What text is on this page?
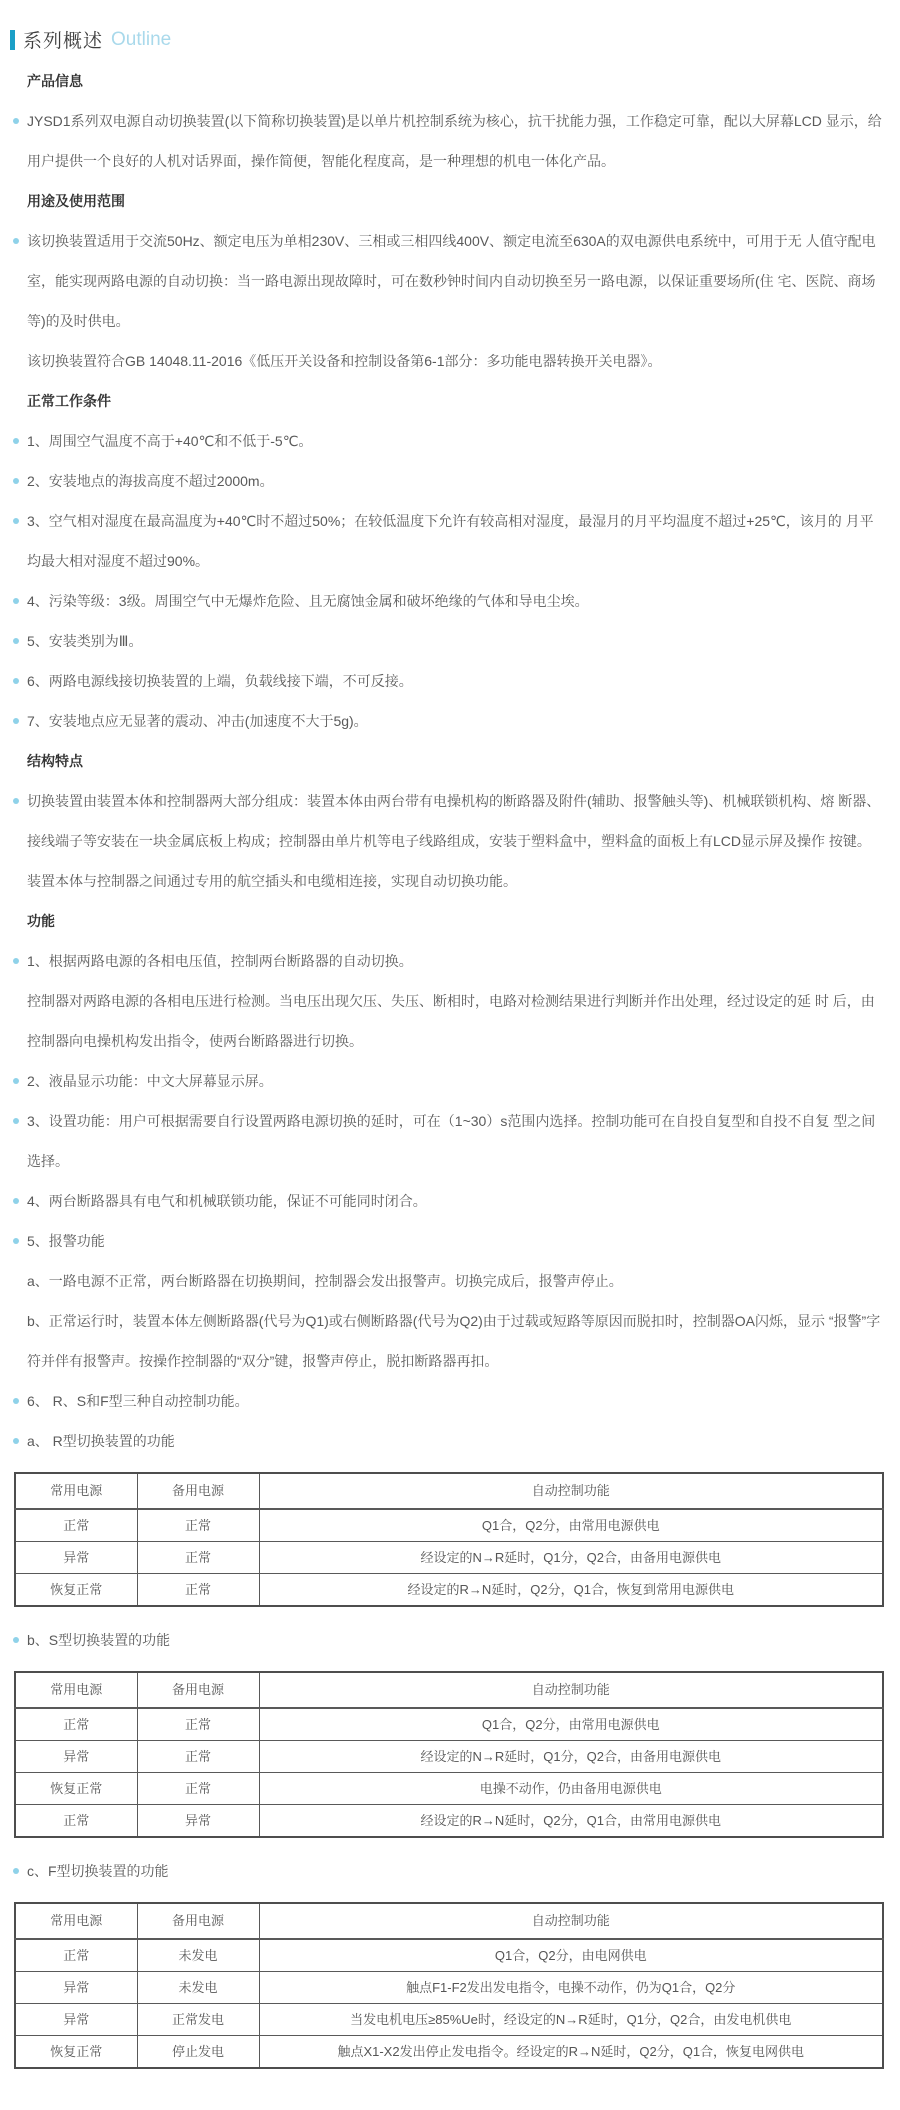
系列概述 Outline
产品信息
JYSD1系列双电源自动切换装置(以下简称切换装置)是以单片机控制系统为核心，抗干扰能力强，工作稳定可靠，配以大屏幕LCD 显示，给用户提供一个良好的人机对话界面，操作简便，智能化程度高，是一种理想的机电一体化产品。
用途及使用范围
该切换装置适用于交流50Hz、额定电压为单相230V、三相或三相四线400V、额定电流至630A的双电源供电系统中，可用于无 人值守配电室，能实现两路电源的自动切换：当一路电源出现故障时，可在数秒钟时间内自动切换至另一路电源，以保证重要场所(住 宅、医院、商场等)的及时供电。
该切换装置符合GB 14048.11-2016《低压开关设备和控制设备第6-1部分：多功能电器转换开关电器》。
正常工作条件
1、周围空气温度不高于+40℃和不低于-5℃。
2、安装地点的海拔高度不超过2000m。
3、空气相对湿度在最高温度为+40℃时不超过50%；在较低温度下允许有较高相对湿度，最湿月的月平均温度不超过+25℃，该月的 月平均最大相对湿度不超过90%。
4、污染等级：3级。周围空气中无爆炸危险、且无腐蚀金属和破坏绝缘的气体和导电尘埃。
5、安装类别为Ⅲ。
6、两路电源线接切换装置的上端，负载线接下端，不可反接。
7、安装地点应无显著的震动、冲击(加速度不大于5g)。
结构特点
切换装置由装置本体和控制器两大部分组成：装置本体由两台带有电操机构的断路器及附件(辅助、报警触头等)、机械联锁机构、熔 断器、接线端子等安装在一块金属底板上构成；控制器由单片机等电子线路组成，安装于塑料盒中，塑料盒的面板上有LCD显示屏及操作 按键。装置本体与控制器之间通过专用的航空插头和电缆相连接，实现自动切换功能。
功能
1、根据两路电源的各相电压值，控制两台断路器的自动切换。
控制器对两路电源的各相电压进行检测。当电压出现欠压、失压、断相时，电路对检测结果进行判断并作出处理，经过设定的延 时 后，由控制器向电操机构发出指令，使两台断路器进行切换。
2、液晶显示功能：中文大屏幕显示屏。
3、设置功能：用户可根据需要自行设置两路电源切换的延时，可在（1~30）s范围内选择。控制功能可在自投自复型和自投不自复 型之间选择。
4、两台断路器具有电气和机械联锁功能，保证不可能同时闭合。
5、报警功能
a、一路电源不正常，两台断路器在切换期间，控制器会发出报警声。切换完成后，报警声停止。
b、正常运行时，装置本体左侧断路器(代号为Q1)或右侧断路器(代号为Q2)由于过载或短路等原因而脱扣时，控制器OA闪烁，显示 “报警”字符并伴有报警声。按操作控制器的“双分”键，报警声停止，脱扣断路器再扣。
6、 R、S和F型三种自动控制功能。
a、 R型切换装置的功能
常用电源	备用电源	自动控制功能
正常	正常	Q1合，Q2分，由常用电源供电
异常	正常	经设定的N→R延时，Q1分，Q2合，由备用电源供电
恢复正常	正常	经设定的R→N延时，Q2分，Q1合，恢复到常用电源供电
b、S型切换装置的功能
常用电源	备用电源	自动控制功能
正常	正常	Q1合，Q2分，由常用电源供电
异常	正常	经设定的N→R延时，Q1分，Q2合，由备用电源供电
恢复正常	正常	电操不动作，仍由备用电源供电
正常	异常	经设定的R→N延时，Q2分，Q1合，由常用电源供电
c、F型切换装置的功能
常用电源	备用电源	自动控制功能
正常	未发电	Q1合，Q2分，由电网供电
异常	未发电	触点F1-F2发出发电指令，电操不动作，仍为Q1合，Q2分
异常	正常发电	当发电机电压≥85%Ue时，经设定的N→R延时，Q1分，Q2合，由发电机供电
恢复正常	停止发电	触点X1-X2发出停止发电指令。经设定的R→N延时，Q2分，Q1合，恢复电网供电
